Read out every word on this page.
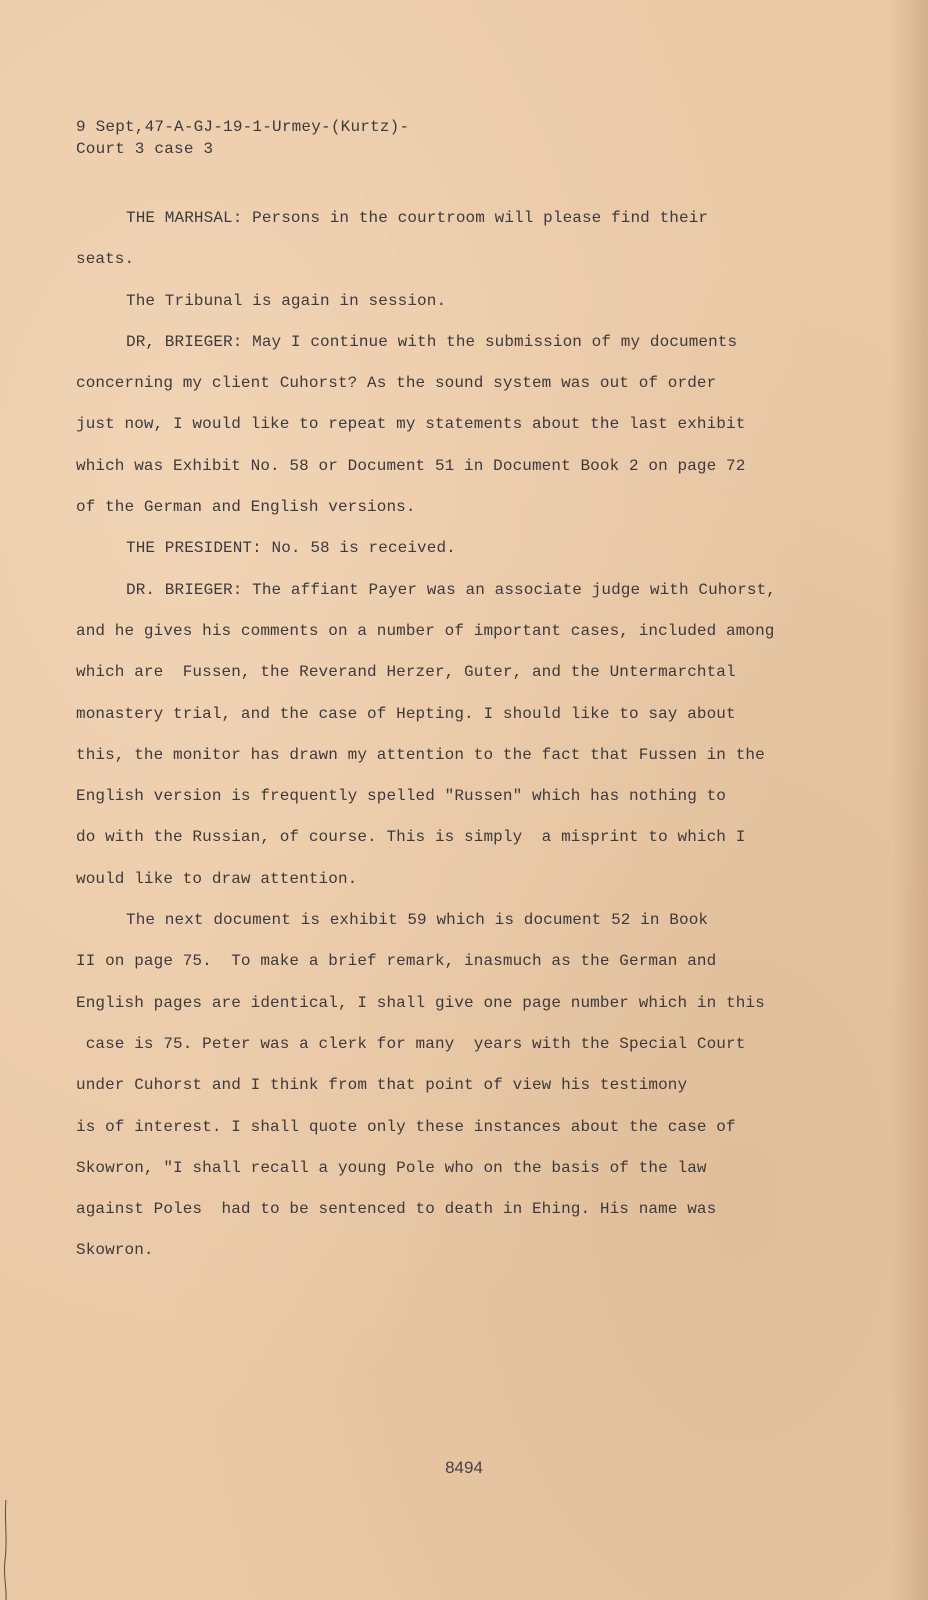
9 Sept,47-A-GJ-19-1-Urmey-(Kurtz)-
Court 3 case 3
THE MARHSAL: Persons in the courtroom will please find their
seats.
The Tribunal is again in session.
DR, BRIEGER: May I continue with the submission of my documents
concerning my client Cuhorst? As the sound system was out of order
just now, I would like to repeat my statements about the last exhibit
which was Exhibit No. 58 or Document 51 in Document Book 2 on page 72
of the German and English versions.
THE PRESIDENT: No. 58 is received.
DR. BRIEGER: The affiant Payer was an associate judge with Cuhorst,
and he gives his comments on a number of important cases, included among
which are  Fussen, the Reverand Herzer, Guter, and the Untermarchtal
monastery trial, and the case of Hepting. I should like to say about
this, the monitor has drawn my attention to the fact that Fussen in the
English version is frequently spelled "Russen" which has nothing to
do with the Russian, of course. This is simply  a misprint to which I
would like to draw attention.
The next document is exhibit 59 which is document 52 in Book
II on page 75.  To make a brief remark, inasmuch as the German and
English pages are identical, I shall give one page number which in this
case is 75. Peter was a clerk for many  years with the Special Court
under Cuhorst and I think from that point of view his testimony
is of interest. I shall quote only these instances about the case of
Skowron, "I shall recall a young Pole who on the basis of the law
against Poles  had to be sentenced to death in Ehing. His name was
Skowron.
8494
